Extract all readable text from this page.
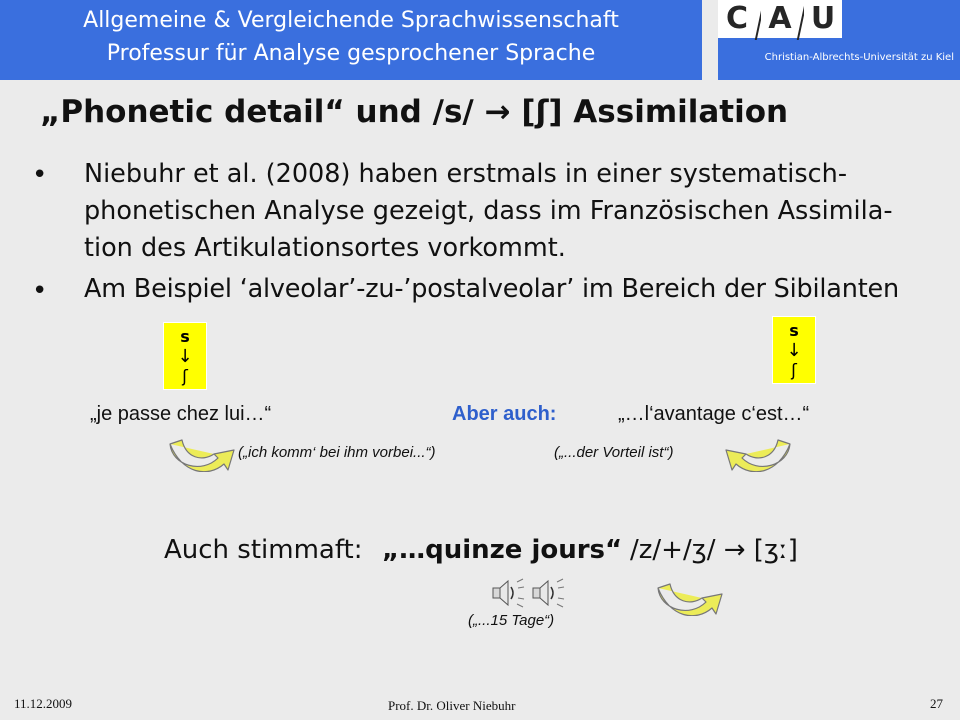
Allgemeine & Vergleichende Sprachwissenschaft
Professur für Analyse gesprochener Sprache
C A U
Christian-Albrechts-Universität zu Kiel
„Phonetic detail“ und /s/ → [ʃ] Assimilation
• Niebuhr et al. (2008) haben erstmals in einer systematisch-
phonetischen Analyse gezeigt, dass im Französischen Assimila-
tion des Artikulationsortes vorkommt.
• Am Beispiel ‘alveolar’-zu-’postalveolar’ im Bereich der Sibilanten
s
↓
ʃ
s
↓
ʃ
„je passe chez lui…“	Aber auch:	„…l‘avantage c‘est…“
(„ich komm‘ bei ihm vorbei...“)	(„...der Vorteil ist“)
Auch stimmaft: „…quinze jours“ /z/+/ʒ/ → [ʒː]
(„...15 Tage“)
11.12.2009	Prof. Dr. Oliver Niebuhr	27
